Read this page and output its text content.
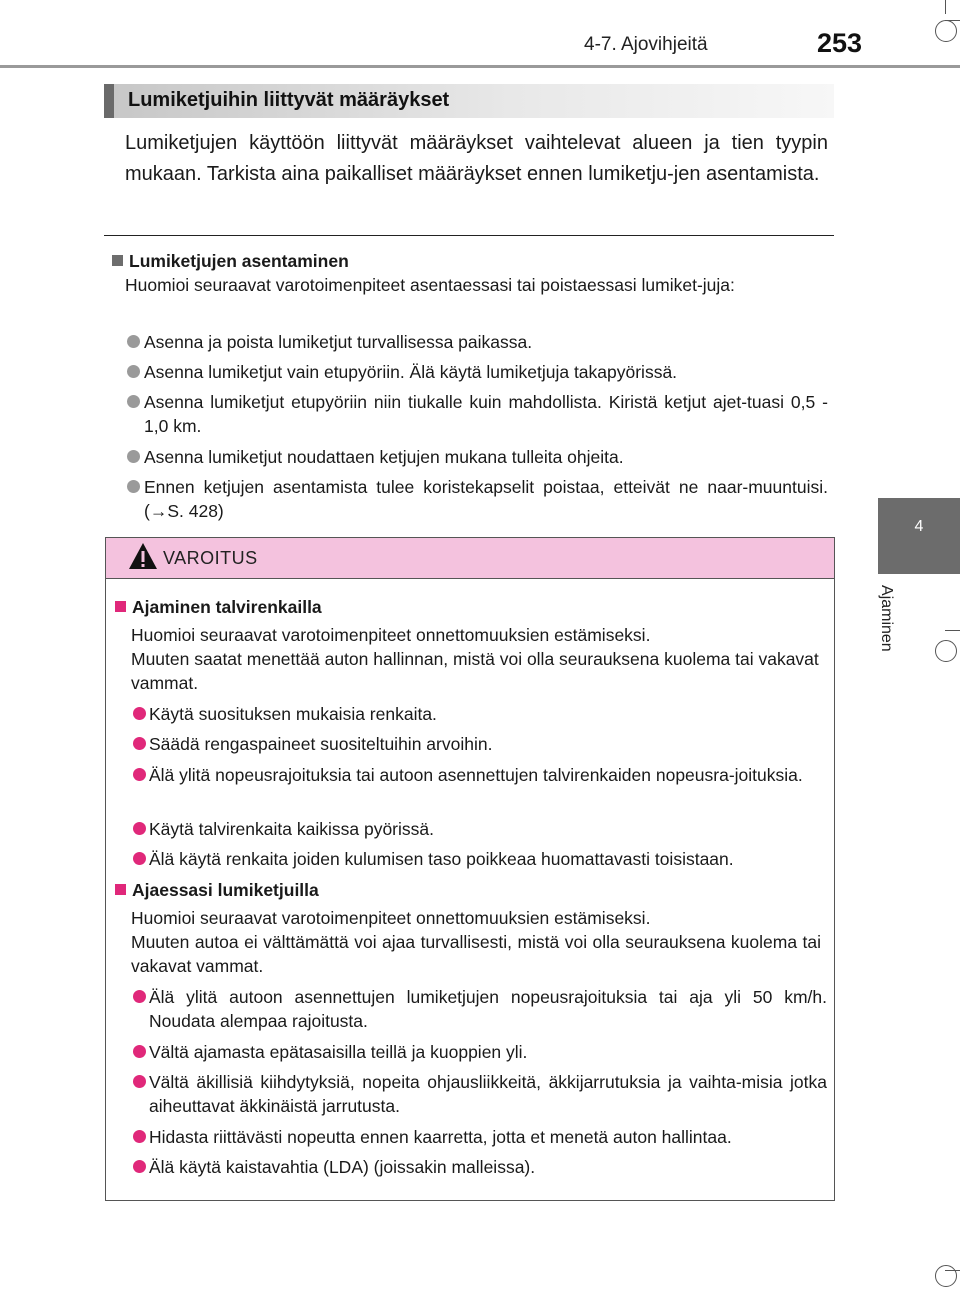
4-7. Ajovihjeitä	253
4
Ajaminen
Lumiketjuihin liittyvät määräykset
Lumiketjujen käyttöön liittyvät määräykset vaihtelevat alueen ja tien tyypin mukaan. Tarkista aina paikalliset määräykset ennen lumiketju-jen asentamista.
Lumiketjujen asentaminen
Huomioi seuraavat varotoimenpiteet asentaessasi tai poistaessasi lumiket-juja:
Asenna ja poista lumiketjut turvallisessa paikassa.
Asenna lumiketjut vain etupyöriin. Älä käytä lumiketjuja takapyörissä.
Asenna lumiketjut etupyöriin niin tiukalle kuin mahdollista. Kiristä ketjut ajet-tuasi 0,5 - 1,0 km.
Asenna lumiketjut noudattaen ketjujen mukana tulleita ohjeita.
Ennen ketjujen asentamista tulee koristekapselit poistaa, etteivät ne naar-muuntuisi. (→S. 428)
VAROITUS
Ajaminen talvirenkailla
Huomioi seuraavat varotoimenpiteet onnettomuuksien estämiseksi.
Muuten saatat menettää auton hallinnan, mistä voi olla seurauksena kuolema tai vakavat vammat.
Käytä suosituksen mukaisia renkaita.
Säädä rengaspaineet suositeltuihin arvoihin.
Älä ylitä nopeusrajoituksia tai autoon asennettujen talvirenkaiden nopeusra-joituksia.
Käytä talvirenkaita kaikissa pyörissä.
Älä käytä renkaita joiden kulumisen taso poikkeaa huomattavasti toisistaan.
Ajaessasi lumiketjuilla
Huomioi seuraavat varotoimenpiteet onnettomuuksien estämiseksi.
Muuten autoa ei välttämättä voi ajaa turvallisesti, mistä voi olla seurauksena kuolema tai vakavat vammat.
Älä ylitä autoon asennettujen lumiketjujen nopeusrajoituksia tai aja yli 50 km/h. Noudata alempaa rajoitusta.
Vältä ajamasta epätasaisilla teillä ja kuoppien yli.
Vältä äkillisiä kiihdytyksiä, nopeita ohjausliikkeitä, äkkijarrutuksia ja vaihta-misia jotka aiheuttavat äkkinäistä jarrutusta.
Hidasta riittävästi nopeutta ennen kaarretta, jotta et menetä auton hallintaa.
Älä käytä kaistavahtia (LDA) (joissakin malleissa).
